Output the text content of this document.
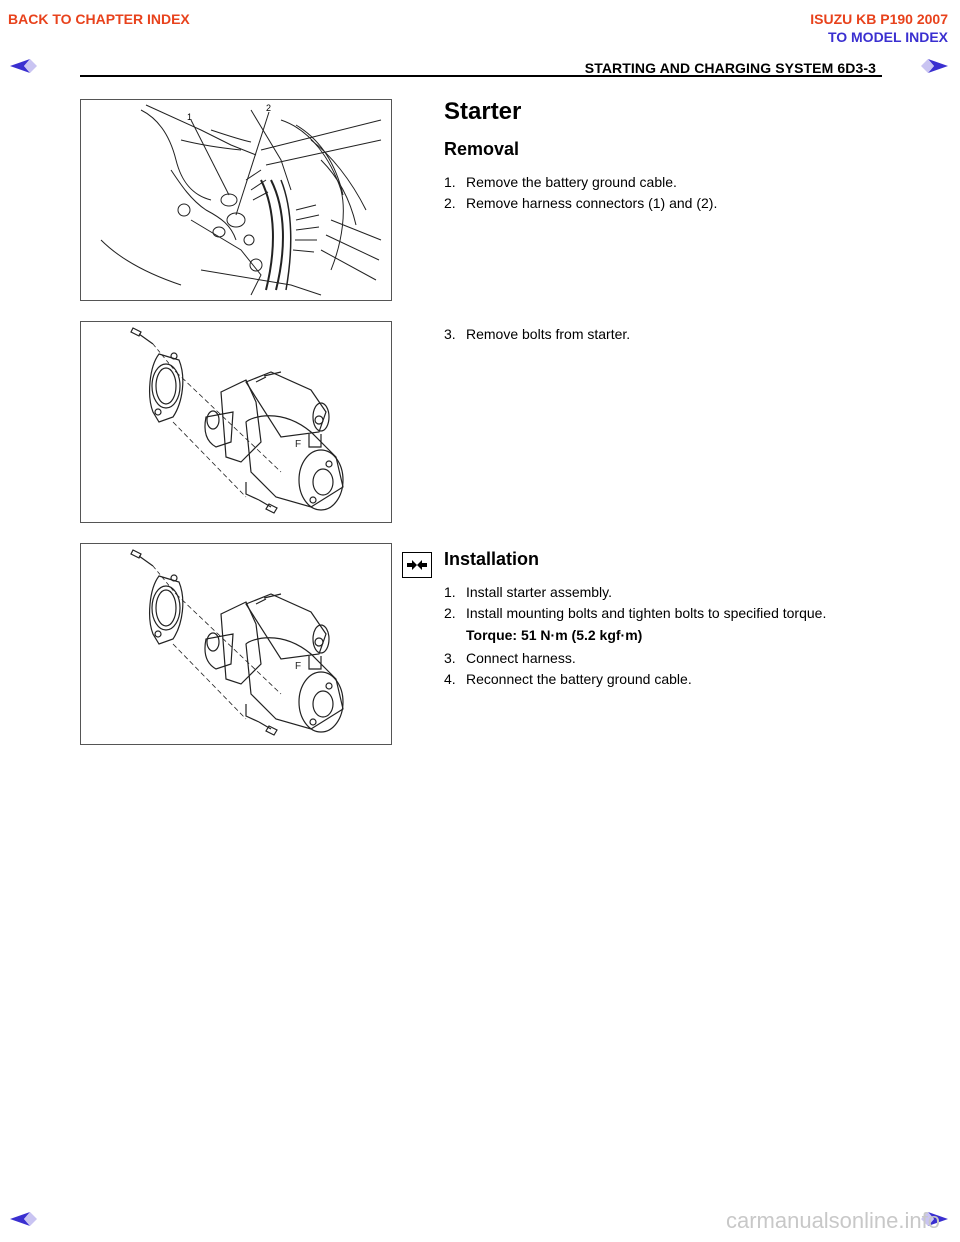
BACK TO CHAPTER INDEX	ISUZU KB P190 2007
TO MODEL INDEX
STARTING AND CHARGING SYSTEM 6D3-3
1
2
F
F
Starter
Removal
1. Remove the battery ground cable.
2. Remove harness connectors (1) and (2).
3. Remove bolts from starter.
Installation
1. Install starter assembly.
2. Install mounting bolts and tighten bolts to specified torque.
Torque: 51 N·m (5.2 kgf·m)
3. Connect harness.
4. Reconnect the battery ground cable.
carmanualsonline.info
